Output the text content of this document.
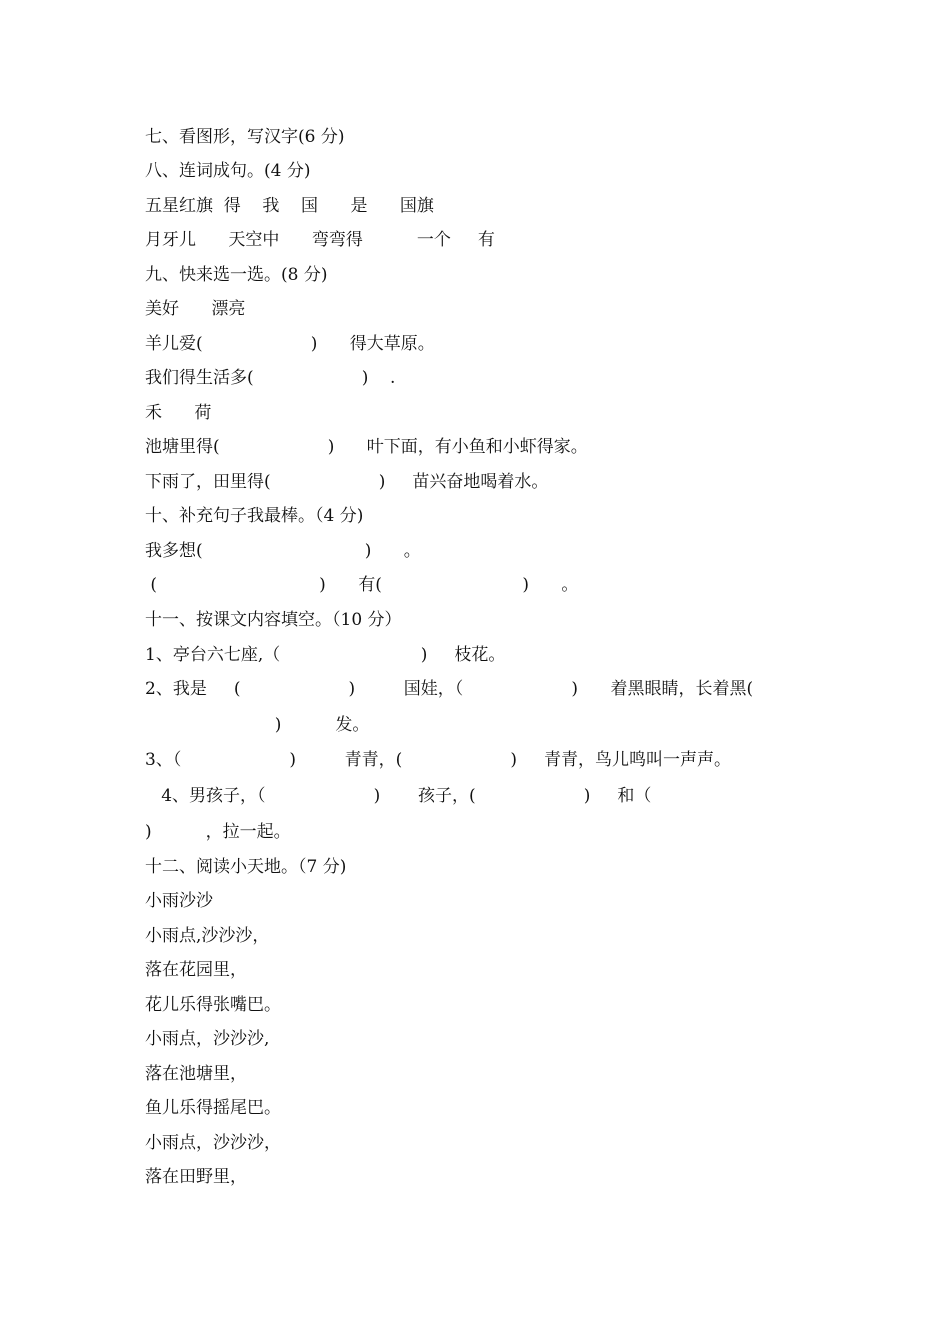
七、看图形，写汉字(6 分)
八、连词成句。(4 分)
五星红旗  得    我    国      是      国旗
月牙儿      天空中      弯弯得          一个     有
九、快来选一选。(8 分)
美好      漂亮
羊儿爱(                    )      得大草原。
我们得生活多(                    )    .
禾      荷
池塘里得(                    )      叶下面，有小鱼和小虾得家。
下雨了，田里得(                    )     苗兴奋地喝着水。
十、补充句子我最棒。（4 分)
我多想(                              )      。
(                              )      有(                          )      。
十一、按课文内容填空。（10 分）
1、亭台六七座,（                          )     枝花。
2、我是     (                    )         国娃，（                    )      着黑眼睛，长着黑(
)          发。
3、（                    )         青青，(                    )     青青，鸟儿鸣叫一声声。
4、男孩子，（                    )       孩子，(                    )     和（
)          ，拉一起。
十二、阅读小天地。（7 分)
小雨沙沙
小雨点,沙沙沙，
落在花园里，
花儿乐得张嘴巴。
小雨点，沙沙沙,
落在池塘里，
鱼儿乐得摇尾巴。
小雨点，沙沙沙，
落在田野里，
